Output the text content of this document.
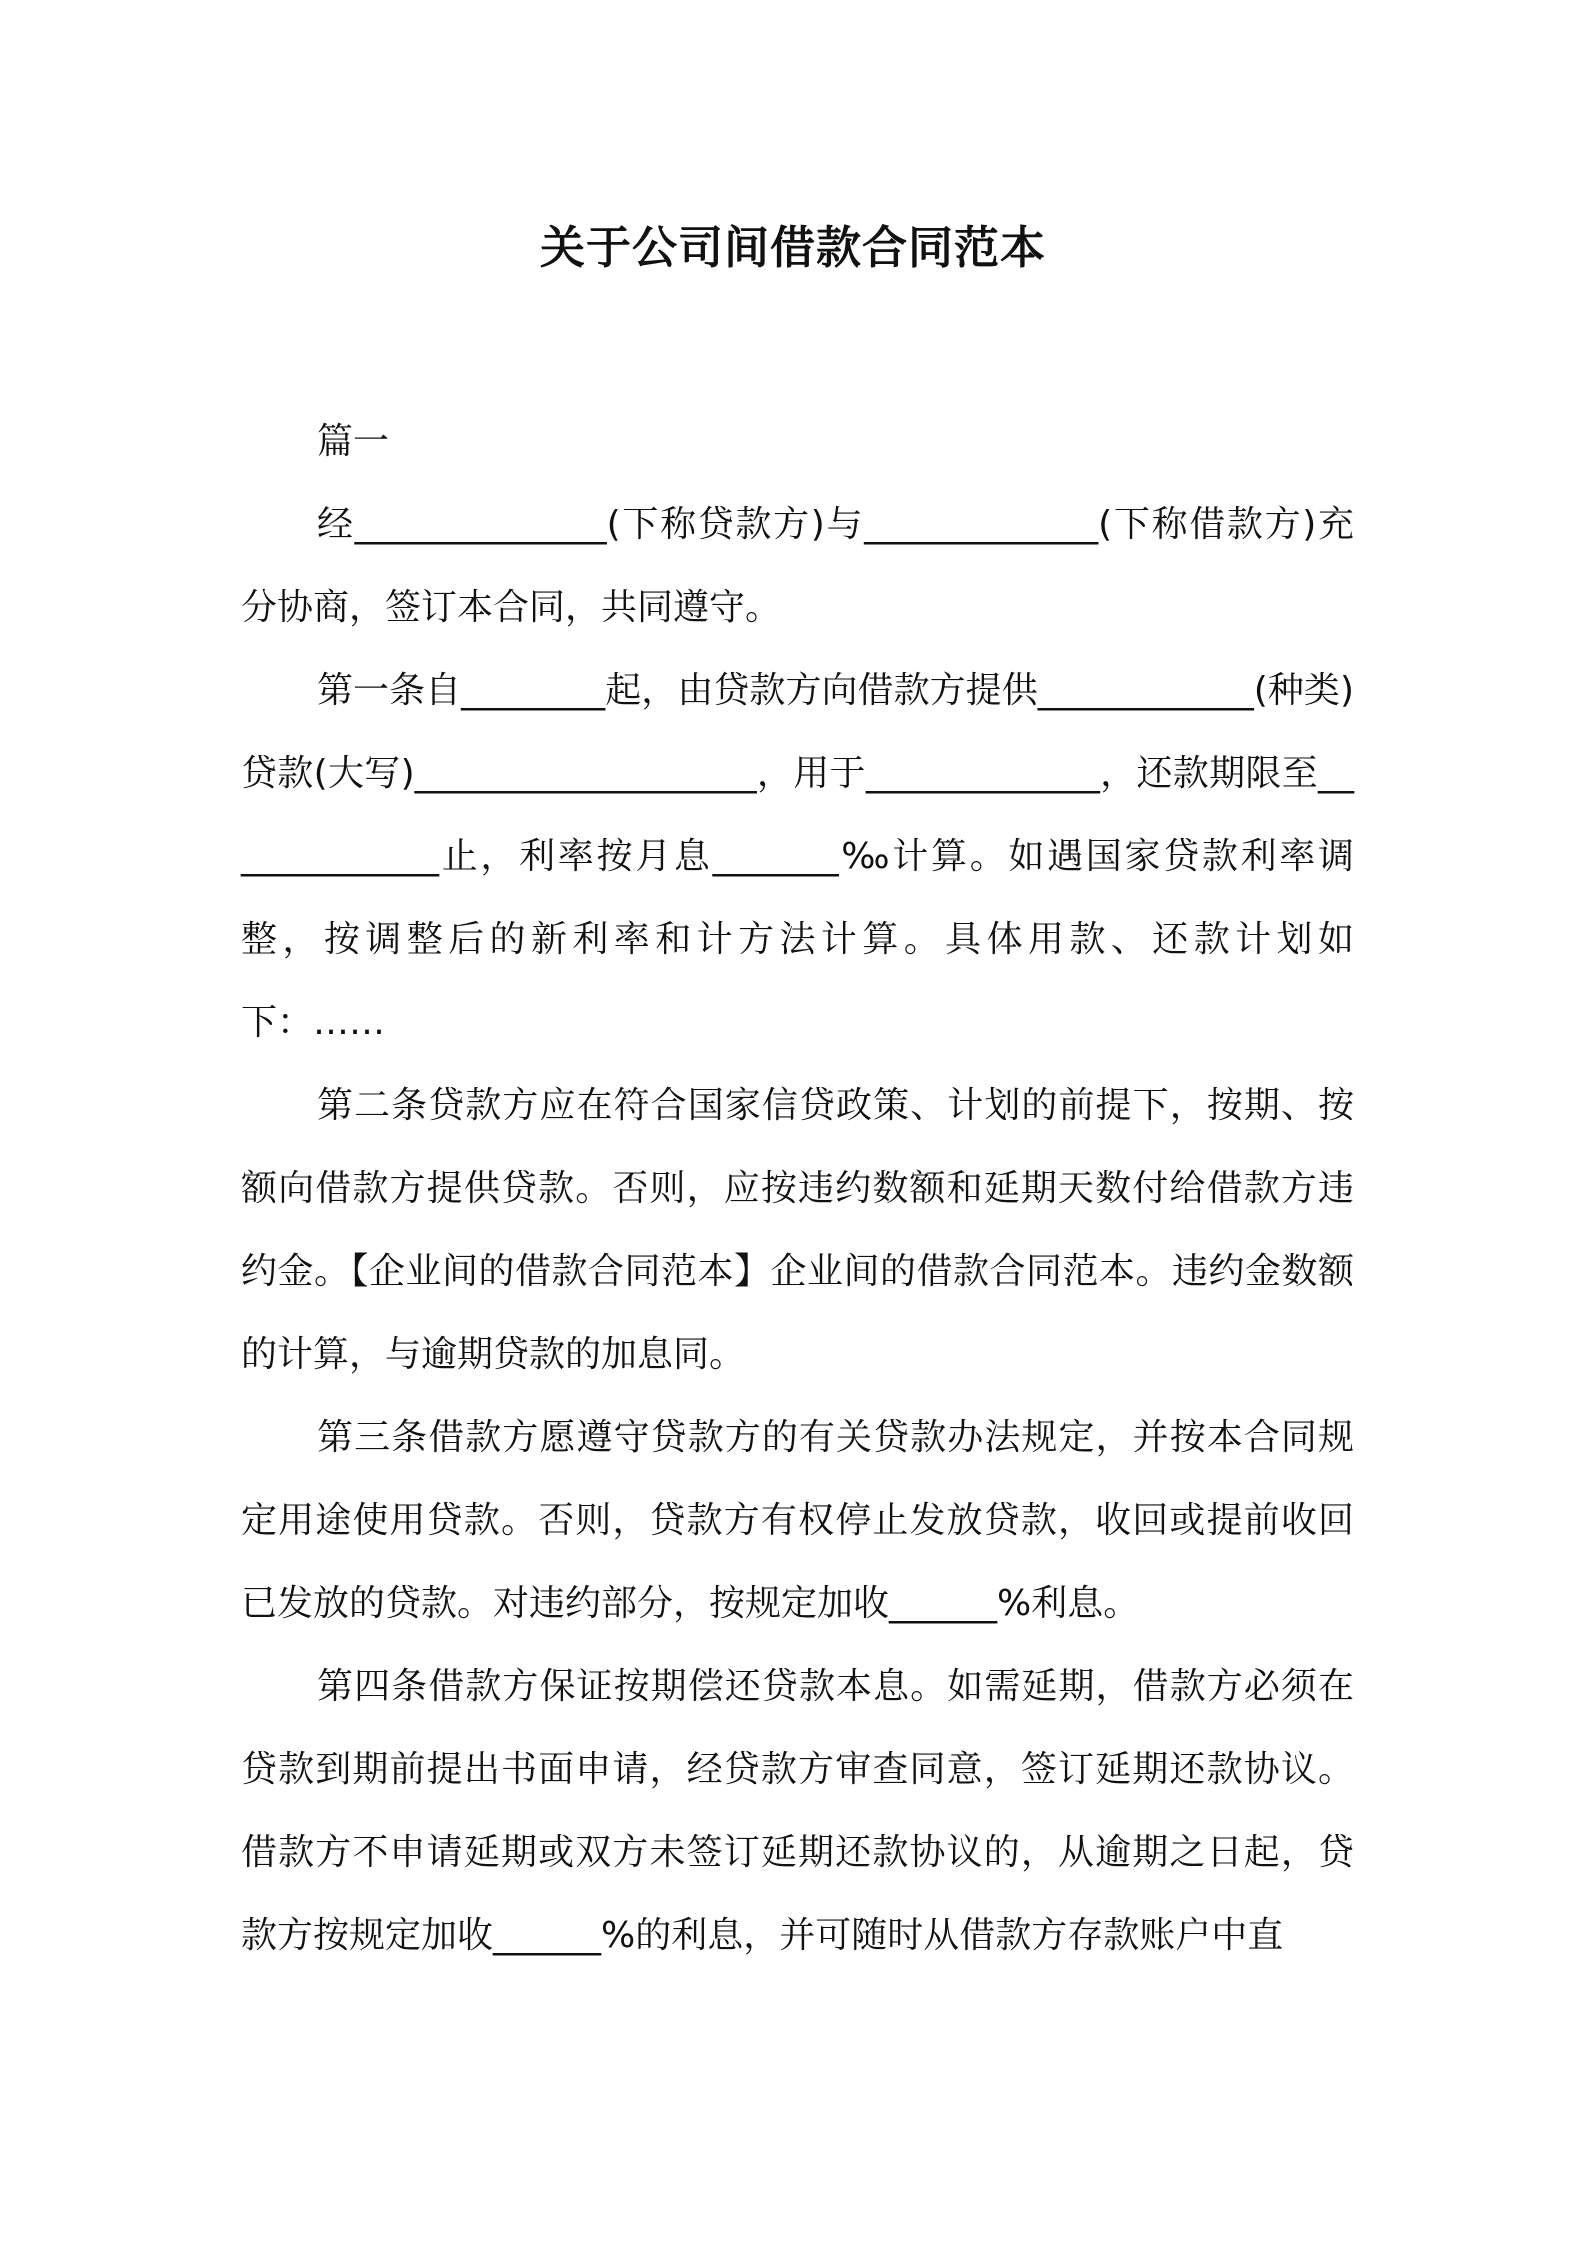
关于公司间借款合同范本

篇一

经______________(下称贷款方)与_____________(下称借款方)充分协商，签订本合同，共同遵守。

第一条自________起，由贷款方向借款方提供____________(种类)贷款(大写)___________________，用于_____________，还款期限至_____________止，利率按月息_______‰计算。如遇国家贷款利率调整，按调整后的新利率和计方法计算。具体用款、还款计划如下：……

第二条贷款方应在符合国家信贷政策、计划的前提下，按期、按额向借款方提供贷款。否则，应按违约数额和延期天数付给借款方违约金。【企业间的借款合同范本】企业间的借款合同范本。违约金数额的计算，与逾期贷款的加息同。

第三条借款方愿遵守贷款方的有关贷款办法规定，并按本合同规定用途使用贷款。否则，贷款方有权停止发放贷款，收回或提前收回已发放的贷款。对违约部分，按规定加收______%利息。

第四条借款方保证按期偿还贷款本息。如需延期，借款方必须在贷款到期前提出书面申请，经贷款方审查同意，签订延期还款协议。借款方不申请延期或双方未签订延期还款协议的，从逾期之日起，贷款方按规定加收______%的利息，并可随时从借款方存款账户中直
